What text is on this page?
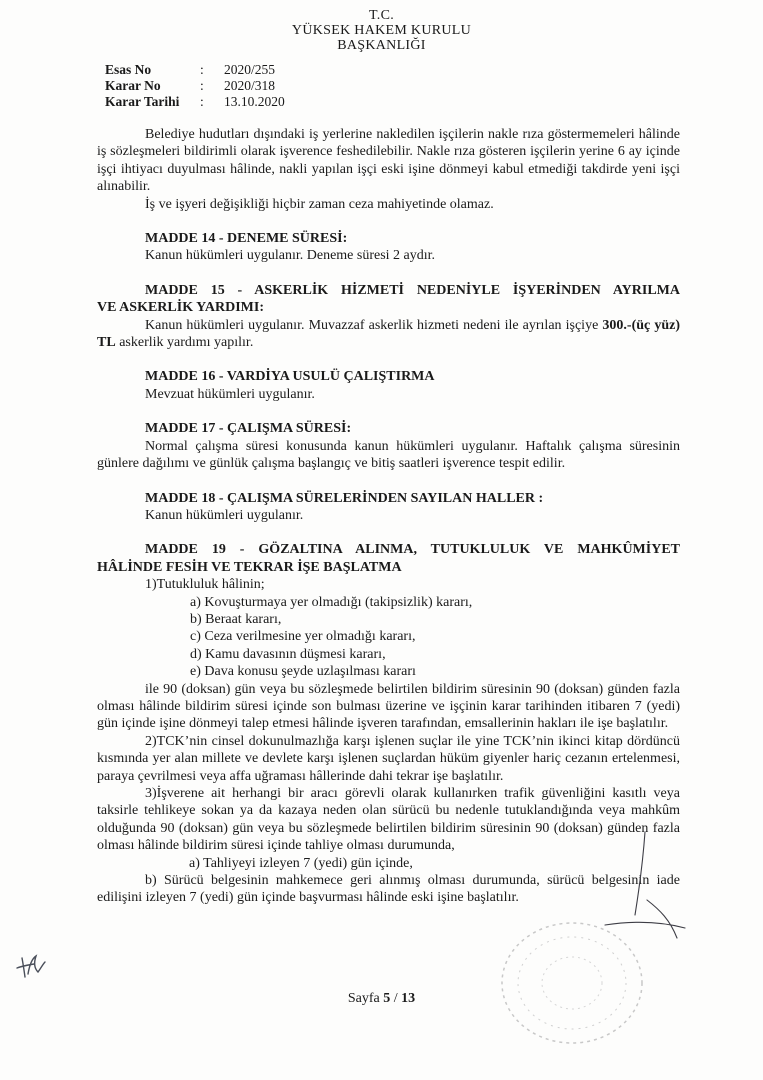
T.C.
YÜKSEK HAKEM KURULU
BAŞKANLIĞI
Esas No	:	2020/255
Karar No	:	2020/318
Karar Tarihi	:	13.10.2020

Belediye hudutları dışındaki iş yerlerine nakledilen işçilerin nakle rıza göstermemeleri hâlinde iş sözleşmeleri bildirimli olarak işverence feshedilebilir. Nakle rıza gösteren işçilerin yerine 6 ay içinde işçi ihtiyacı duyulması hâlinde, nakli yapılan işçi eski işine dönmeyi kabul etmediği takdirde yeni işçi alınabilir.

İş ve işyeri değişikliği hiçbir zaman ceza mahiyetinde olamaz.

MADDE 14 - DENEME SÜRESİ:

Kanun hükümleri uygulanır. Deneme süresi 2 aydır.

MADDE 15 - ASKERLİK HİZMETİ NEDENİYLE İŞYERİNDEN AYRILMA

VE ASKERLİK YARDIMI:

Kanun hükümleri uygulanır. Muvazzaf askerlik hizmeti nedeni ile ayrılan işçiye 300.-(üç yüz) TL askerlik yardımı yapılır.

MADDE 16 - VARDİYA USULÜ ÇALIŞTIRMA

Mevzuat hükümleri uygulanır.

MADDE 17 - ÇALIŞMA SÜRESİ:

Normal çalışma süresi konusunda kanun hükümleri uygulanır. Haftalık çalışma süresinin günlere dağılımı ve günlük çalışma başlangıç ve bitiş saatleri işverence tespit edilir.

MADDE 18 - ÇALIŞMA SÜRELERİNDEN SAYILAN HALLER :

Kanun hükümleri uygulanır.

MADDE 19 - GÖZALTINA ALINMA, TUTUKLULUK VE MAHKÛMİYET

HÂLİNDE FESİH VE TEKRAR İŞE BAŞLATMA

1)Tutukluluk hâlinin;

a) Kovuşturmaya yer olmadığı (takipsizlik) kararı,

b) Beraat kararı,

c) Ceza verilmesine yer olmadığı kararı,

d) Kamu davasının düşmesi kararı,

e) Dava konusu şeyde uzlaşılması kararı

ile 90 (doksan) gün veya bu sözleşmede belirtilen bildirim süresinin 90 (doksan) günden fazla olması hâlinde bildirim süresi içinde son bulması üzerine ve işçinin karar tarihinden itibaren 7 (yedi) gün içinde işine dönmeyi talep etmesi hâlinde işveren tarafından, emsallerinin hakları ile işe başlatılır.

2)TCK’nin cinsel dokunulmazlığa karşı işlenen suçlar ile yine TCK’nin ikinci kitap dördüncü kısmında yer alan millete ve devlete karşı işlenen suçlardan hüküm giyenler hariç cezanın ertelenmesi, paraya çevrilmesi veya affa uğraması hâllerinde dahi tekrar işe başlatılır.

3)İşverene ait herhangi bir aracı görevli olarak kullanırken trafik güvenliğini kasıtlı veya taksirle tehlikeye sokan ya da kazaya neden olan sürücü bu nedenle tutuklandığında veya mahkûm olduğunda 90 (doksan) gün veya bu sözleşmede belirtilen bildirim süresinin 90 (doksan) günden fazla olması hâlinde bildirim süresi içinde tahliye olması durumunda,

a) Tahliyeyi izleyen 7 (yedi) gün içinde,

b) Sürücü belgesinin mahkemece geri alınmış olması durumunda, sürücü belgesinin iade edilişini izleyen 7 (yedi) gün içinde başvurması hâlinde eski işine başlatılır.

Sayfa 5 / 13
